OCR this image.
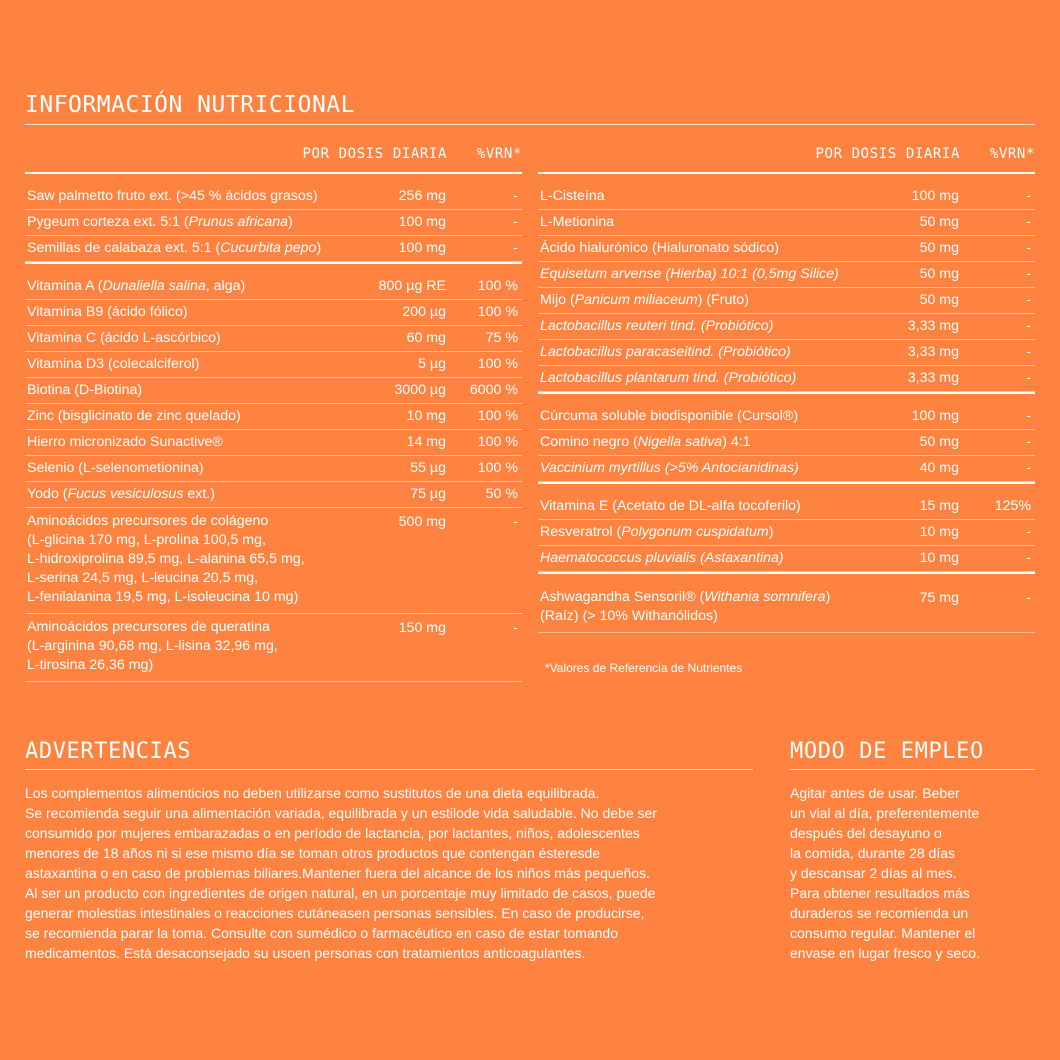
INFORMACIÓN NUTRICIONAL
POR DOSIS DIARIA %VRN*
Saw palmetto fruto ext. (>45 % ácidos grasos)	256 mg	-
Pygeum corteza ext. 5:1 (Prunus africana)	100 mg	-
Semillas de calabaza ext. 5:1 (Cucurbita pepo)	100 mg	-
Vitamina A (Dunaliella salina, alga)	800 µg RE 100 %
Vitamina B9 (ácido fólico)	200 µg 100 %
Vitamina C (ácido L-ascórbico)	60 mg	75 %
Vitamina D3 (colecalciferol)	5 µg 100 %
Biotina (D-Biotina)	3000 µg 6000 %
Zinc (bisglicinato de zinc quelado)	10 mg 100 %
Hierro micronizado Sunactive®	14 mg 100 %
Selenio (L-selenometionina)	55 µg 100 %
Yodo (Fucus vesiculosus ext.)	75 µg	50 %
Aminoácidos precursores de colágeno
(L-glicina 170 mg, L-prolina 100,5 mg,
L-hidroxiprolina 89,5 mg, L-alanina 65,5 mg,
L-serina 24,5 mg, L-leucina 20,5 mg,
L-fenilalanina 19,5 mg, L-isoleucina 10 mg)
500 mg	-
Aminoácidos precursores de queratina
(L-arginina 90,68 mg, L-lisina 32,96 mg,
L-tirosina 26,36 mg)
150 mg	-
POR DOSIS DIARIA %VRN*
L-Cisteína	100 mg	-
L-Metionina	50 mg	-
Ácido hialurónico (Hialuronato sódico)	50 mg	-
Equisetum arvense (Hierba) 10:1 (0,5mg Silice)	50 mg	-
Mijo (Panicum miliaceum) (Fruto)	50 mg	-
Lactobacillus reuteri tind. (Probiótico)	3,33 mg	-
Lactobacillus paracaseitind. (Probiótico)	3,33 mg	-
Lactobacillus plantarum tind. (Probiótico)	3,33 mg	-
Cúrcuma soluble biodisponible (Cursol®)	100 mg	-
Comino negro (Nigella sativa) 4:1	50 mg	-
Vaccinium myrtillus (>5% Antocianidinas)	40 mg	-
Vitamina E (Acetato de DL-alfa tocoferilo)	15 mg	125%
Resveratrol (Polygonum cuspidatum)	10 mg	-
Haematococcus pluvialis (Astaxantina)	10 mg	-
Ashwagandha Sensoril® (Withania somnifera)
(Raíz) (> 10% Withanólidos)
75 mg	-
*Valores de Referencia de Nutrientes
ADVERTENCIAS
Los complementos alimenticios no deben utilizarse como sustitutos de una dieta equilibrada.
Se recomienda seguir una alimentación variada, equilibrada y un estilode vida saludable. No debe ser
consumido por mujeres embarazadas o en período de lactancia, por lactantes, niños, adolescentes
menores de 18 años ni si ese mismo día se toman otros productos que contengan ésteresde
astaxantina o en caso de problemas biliares.Mantener fuera del alcance de los niños más pequeños.
Al ser un producto con ingredientes de origen natural, en un porcentaje muy limitado de casos, puede
generar molestias intestinales o reacciones cutáneasen personas sensibles. En caso de producirse,
se recomienda parar la toma. Consulte con sumédico o farmacéutico en caso de estar tomando
medicamentos. Está desaconsejado su usoen personas con tratamientos anticoagulantes.
MODO DE EMPLEO
Agitar antes de usar. Beber
un vial al día, preferentemente
después del desayuno o
la comida, durante 28 días
y descansar 2 días al mes.
Para obtener resultados más
duraderos se recomienda un
consumo regular. Mantener el
envase en lugar fresco y seco.
